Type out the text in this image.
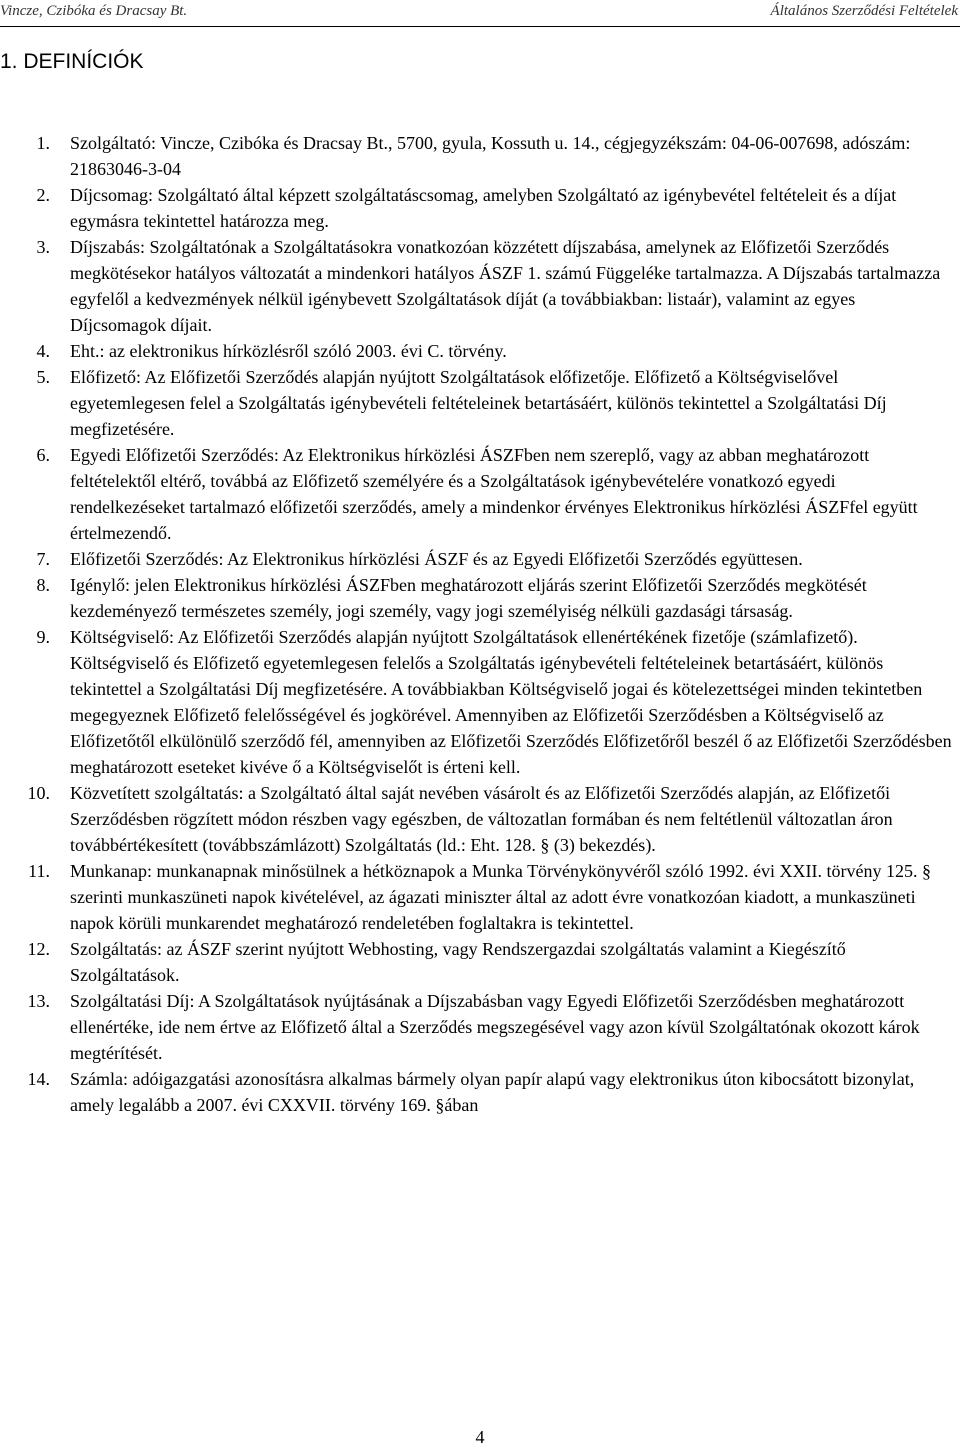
Vincze, Czibóka és Dracsay Bt.	Általános Szerződési Feltételek
1. DEFINÍCIÓK
1. Szolgáltató: Vincze, Czibóka és Dracsay Bt., 5700, gyula, Kossuth u. 14., cégjegyzékszám: 04-06-007698, adószám: 21863046-3-04
2. Díjcsomag: Szolgáltató által képzett szolgáltatáscsomag, amelyben Szolgáltató az igénybevétel feltételeit és a díjat egymásra tekintettel határozza meg.
3. Díjszabás: Szolgáltatónak a Szolgáltatásokra vonatkozóan közzétett díjszabása, amelynek az Előfizetői Szerződés megkötésekor hatályos változatát a mindenkori hatályos ÁSZF 1. számú Függeléke tartalmazza. A Díjszabás tartalmazza egyfelől a kedvezmények nélkül igénybevett Szolgáltatások díját (a továbbiakban: listaár), valamint az egyes Díjcsomagok díjait.
4. Eht.: az elektronikus hírközlésről szóló 2003. évi C. törvény.
5. Előfizető: Az Előfizetői Szerződés alapján nyújtott Szolgáltatások előfizetője. Előfizető a Költségviselővel egyetemlegesen felel a Szolgáltatás igénybevételi feltételeinek betartásáért, különös tekintettel a Szolgáltatási Díj megfizetésére.
6. Egyedi Előfizetői Szerződés: Az Elektronikus hírközlési ÁSZFben nem szereplő, vagy az abban meghatározott feltételektől eltérő, továbbá az Előfizető személyére és a Szolgáltatások igénybevételére vonatkozó egyedi rendelkezéseket tartalmazó előfizetői szerződés, amely a mindenkor érvényes Elektronikus hírközlési ÁSZFfel együtt értelmezendő.
7. Előfizetői Szerződés: Az Elektronikus hírközlési ÁSZF és az Egyedi Előfizetői Szerződés együttesen.
8. Igénylő: jelen Elektronikus hírközlési ÁSZFben meghatározott eljárás szerint Előfizetői Szerződés megkötését kezdeményező természetes személy, jogi személy, vagy jogi személyiség nélküli gazdasági társaság.
9. Költségviselő: Az Előfizetői Szerződés alapján nyújtott Szolgáltatások ellenértékének fizetője (számlafizető). Költségviselő és Előfizető egyetemlegesen felelős a Szolgáltatás igénybevételi feltételeinek betartásáért, különös tekintettel a Szolgáltatási Díj megfizetésére. A továbbiakban Költségviselő jogai és kötelezettségei minden tekintetben megegyeznek Előfizető felelősségével és jogkörével. Amennyiben az Előfizetői Szerződésben a Költségviselő az Előfizetőtől elkülönülő szerződő fél, amennyiben az Előfizetői Szerződés Előfizetőről beszél ő az Előfizetői Szerződésben meghatározott eseteket kivéve ő a Költségviselőt is érteni kell.
10. Közvetített szolgáltatás: a Szolgáltató által saját nevében vásárolt és az Előfizetői Szerződés alapján, az Előfizetői Szerződésben rögzített módon részben vagy egészben, de változatlan formában és nem feltétlenül változatlan áron továbbértékesített (továbbszámlázott) Szolgáltatás (ld.: Eht. 128. § (3) bekezdés).
11. Munkanap: munkanapnak minősülnek a hétköznapok a Munka Törvénykönyvéről szóló 1992. évi XXII. törvény 125. § szerinti munkaszüneti napok kivételével, az ágazati miniszter által az adott évre vonatkozóan kiadott, a munkaszüneti napok körüli munkarendet meghatározó rendeletében foglaltakra is tekintettel.
12. Szolgáltatás: az ÁSZF szerint nyújtott Webhosting, vagy Rendszergazdai szolgáltatás valamint a Kiegészítő Szolgáltatások.
13. Szolgáltatási Díj: A Szolgáltatások nyújtásának a Díjszabásban vagy Egyedi Előfizetői Szerződésben meghatározott ellenértéke, ide nem értve az Előfizető által a Szerződés megszegésével vagy azon kívül Szolgáltatónak okozott károk megtérítését.
14. Számla: adóigazgatási azonosításra alkalmas bármely olyan papír alapú vagy elektronikus úton kibocsátott bizonylat, amely legalább a 2007. évi CXXVII. törvény 169. §ában
4
